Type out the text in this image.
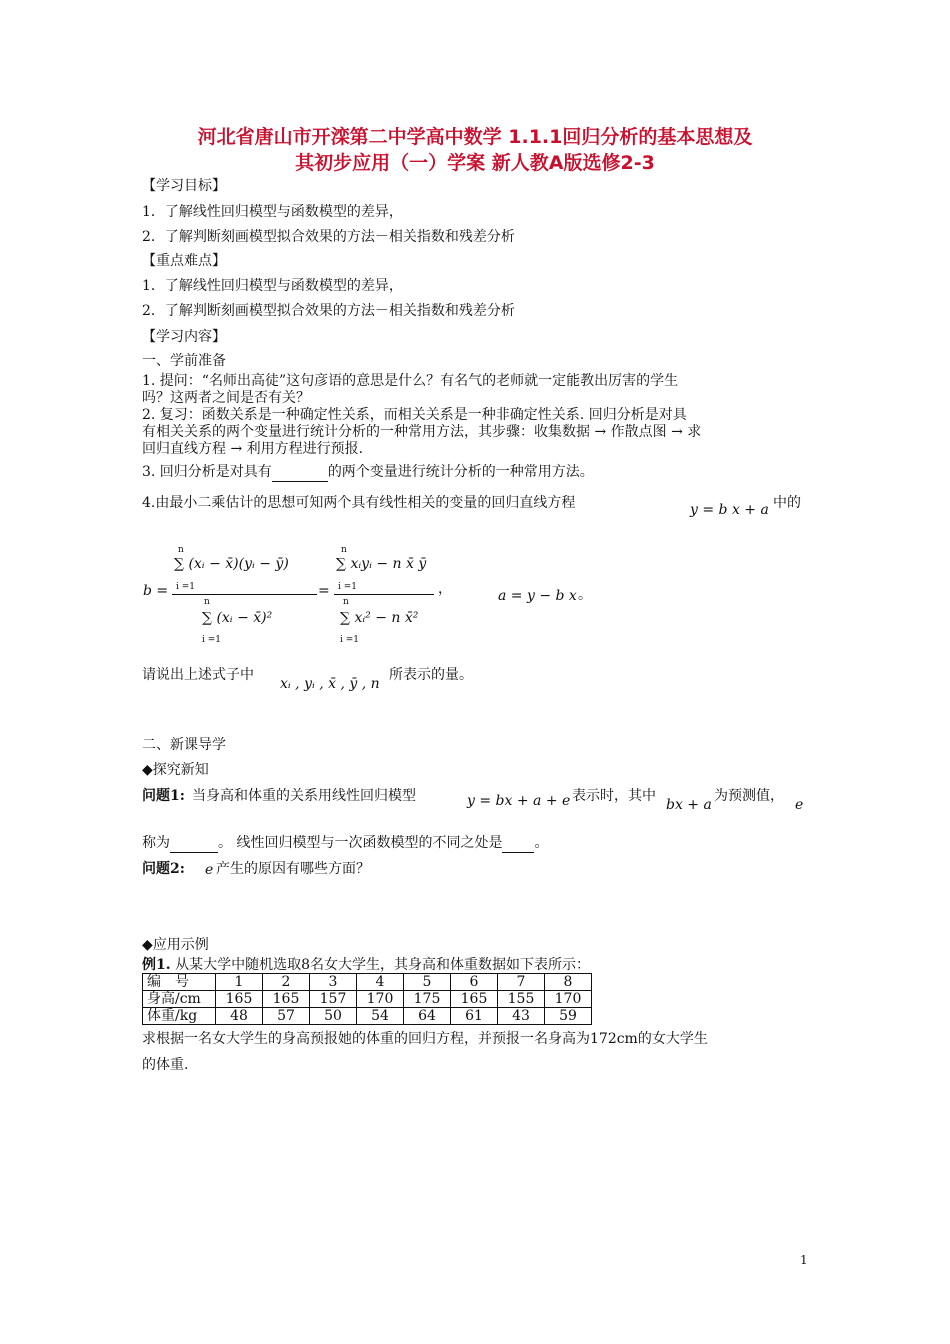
河北省唐山市开滦第二中学高中数学 1.1.1回归分析的基本思想及
其初步应用（一）学案 新人教A版选修2-3
【学习目标】
1．了解线性回归模型与函数模型的差异，
2．了解判断刻画模型拟合效果的方法－相关指数和残差分析
【重点难点】
1．了解线性回归模型与函数模型的差异，
2．了解判断刻画模型拟合效果的方法－相关指数和残差分析
【学习内容】
一、学前准备
1. 提问：“名师出高徒”这句彦语的意思是什么？有名气的老师就一定能教出厉害的学生
吗？这两者之间是否有关？
2. 复习：函数关系是一种确定性关系，而相关关系是一种非确定性关系. 回归分析是对具
有相关关系的两个变量进行统计分析的一种常用方法，其步骤：收集数据 → 作散点图 → 求
回归直线方程 → 利用方程进行预报.
3. 回归分析是对具有	的两个变量进行统计分析的一种常用方法。
4.由最小二乘估计的思想可知两个具有线性相关的变量的回归直线方程	y = b x + a 中的
b =
n
∑ (xᵢ − x̄)(yᵢ − ȳ)
i =1
n
∑ (xᵢ − x̄)²
i =1
=
n
∑ xᵢyᵢ − n x̄ ȳ
i =1
n
∑ xᵢ² − n x̄²
i =1
，	a = y − b x 。
请说出上述式子中
xᵢ , yᵢ , x̄ , ȳ , n
所表示的量。
二、新课导学
◆探究新知
问题1: 当身高和体重的关系用线性回归模型	y = bx + a + e 表示时，其中
bx + a
为预测值，
e
称为	。 线性回归模型与一次函数模型的不同之处是 。
问题2: e 产生的原因有哪些方面？
◆应用示例
例1. 从某大学中随机选取8名女大学生，其身高和体重数据如下表所示：
编　号	1	2	3	4	5	6	7	8
身高/cm	165	165	157	170	175	165	155	170
体重/kg	48	57	50	54	64	61	43	59
求根据一名女大学生的身高预报她的体重的回归方程，并预报一名身高为172cm的女大学生
的体重.
1
